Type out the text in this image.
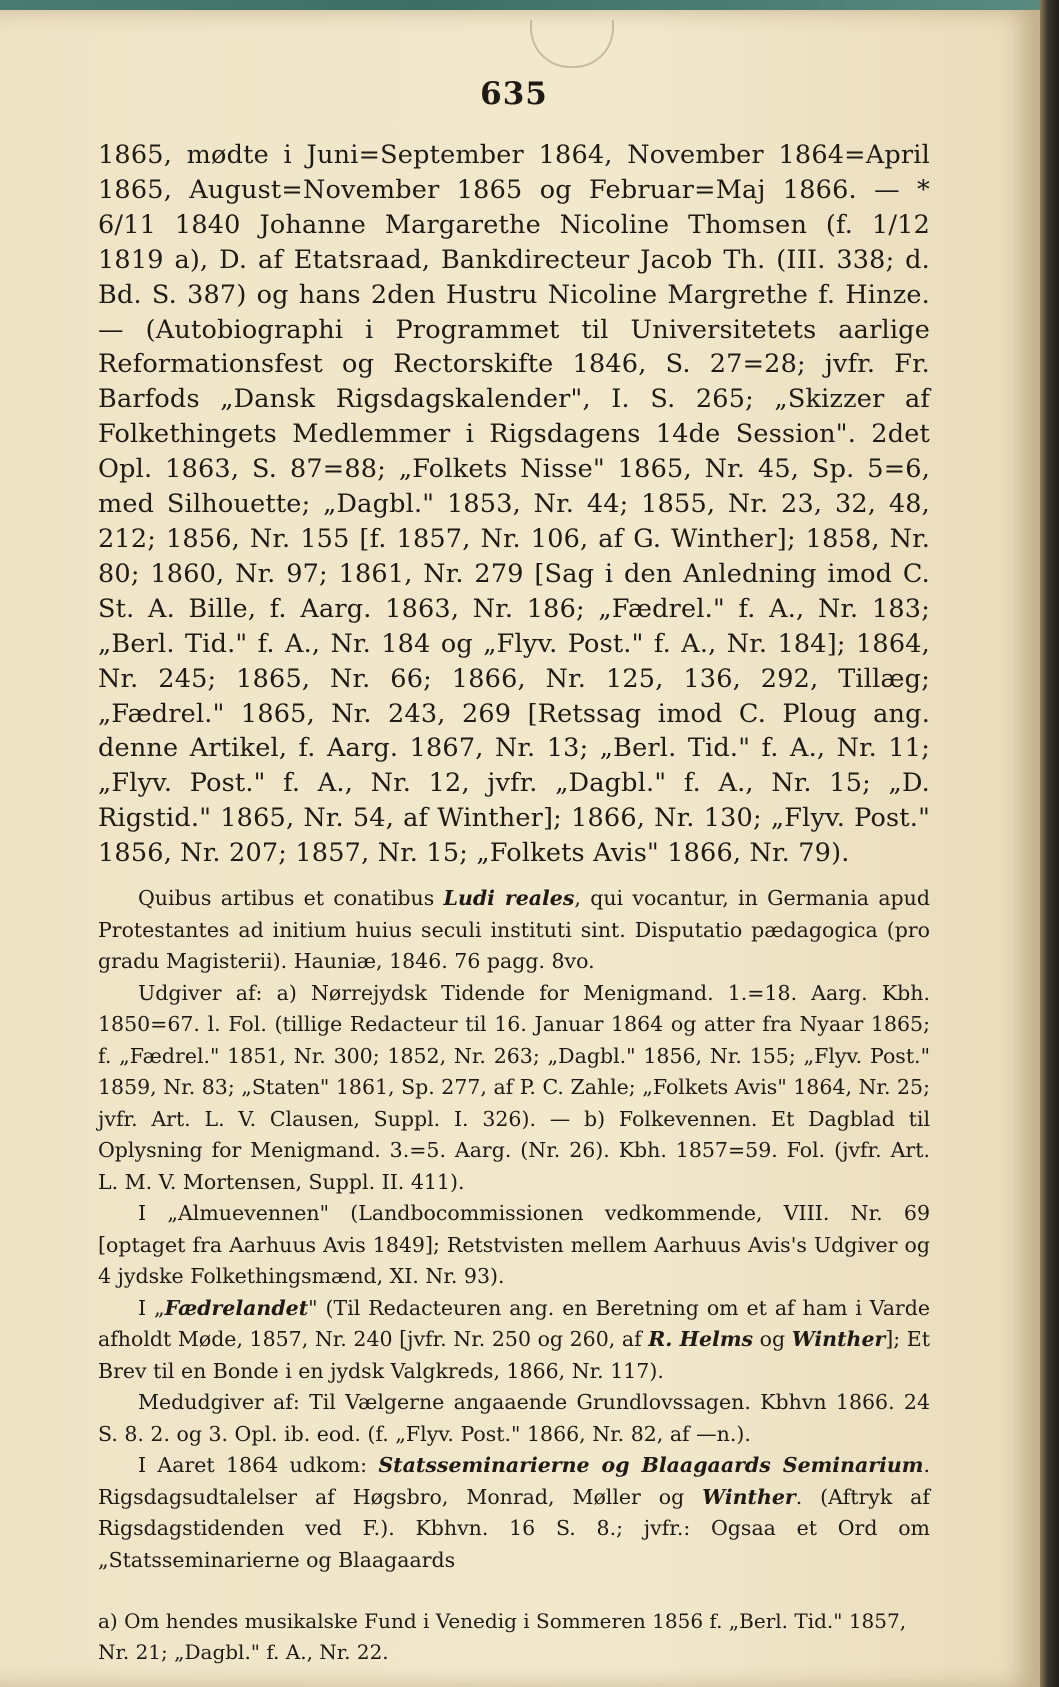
635

1865, mødte i Juni=September 1864, November 1864=April 1865, August=November 1865 og Februar=Maj 1866. — * 6/11 1840 Johanne Margarethe Nicoline Thomsen (f. 1/12 1819 a), D. af Etatsraad, Bankdirecteur Jacob Th. (III. 338; d. Bd. S. 387) og hans 2den Hustru Nicoline Margrethe f. Hinze. — (Autobiographi i Programmet til Universitetets aarlige Reformationsfest og Rectorskifte 1846, S. 27=28; jvfr. Fr. Barfods „Dansk Rigsdagskalender", I. S. 265; „Skizzer af Folkethingets Medlemmer i Rigsdagens 14de Session". 2det Opl. 1863, S. 87=88; „Folkets Nisse" 1865, Nr. 45, Sp. 5=6, med Silhouette; „Dagbl." 1853, Nr. 44; 1855, Nr. 23, 32, 48, 212; 1856, Nr. 155 [f. 1857, Nr. 106, af G. Winther]; 1858, Nr. 80; 1860, Nr. 97; 1861, Nr. 279 [Sag i den Anledning imod C. St. A. Bille, f. Aarg. 1863, Nr. 186; „Fædrel." f. A., Nr. 183; „Berl. Tid." f. A., Nr. 184 og „Flyv. Post." f. A., Nr. 184]; 1864, Nr. 245; 1865, Nr. 66; 1866, Nr. 125, 136, 292, Tillæg; „Fædrel." 1865, Nr. 243, 269 [Retssag imod C. Ploug ang. denne Artikel, f. Aarg. 1867, Nr. 13; „Berl. Tid." f. A., Nr. 11; „Flyv. Post." f. A., Nr. 12, jvfr. „Dagbl." f. A., Nr. 15; „D. Rigstid." 1865, Nr. 54, af Winther]; 1866, Nr. 130; „Flyv. Post." 1856, Nr. 207; 1857, Nr. 15; „Folkets Avis" 1866, Nr. 79).

Quibus artibus et conatibus Ludi reales, qui vocantur, in Germania apud Protestantes ad initium huius seculi instituti sint. Disputatio pædagogica (pro gradu Magisterii). Hauniæ, 1846. 76 pagg. 8vo.

Udgiver af: a) Nørrejydsk Tidende for Menigmand. 1.=18. Aarg. Kbh. 1850=67. l. Fol. (tillige Redacteur til 16. Januar 1864 og atter fra Nyaar 1865; f. „Fædrel." 1851, Nr. 300; 1852, Nr. 263; „Dagbl." 1856, Nr. 155; „Flyv. Post." 1859, Nr. 83; „Staten" 1861, Sp. 277, af P. C. Zahle; „Folkets Avis" 1864, Nr. 25; jvfr. Art. L. V. Clausen, Suppl. I. 326). — b) Folkevennen. Et Dagblad til Oplysning for Menigmand. 3.=5. Aarg. (Nr. 26). Kbh. 1857=59. Fol. (jvfr. Art. L. M. V. Mortensen, Suppl. II. 411).

I „Almuevennen" (Landbocommissionen vedkommende, VIII. Nr. 69 [optaget fra Aarhuus Avis 1849]; Retstvisten mellem Aarhuus Avis's Udgiver og 4 jydske Folkethingsmænd, XI. Nr. 93).

I „Fædrelandet" (Til Redacteuren ang. en Beretning om et af ham i Varde afholdt Møde, 1857, Nr. 240 [jvfr. Nr. 250 og 260, af R. Helms og Winther]; Et Brev til en Bonde i en jydsk Valgkreds, 1866, Nr. 117).

Medudgiver af: Til Vælgerne angaaende Grundlovssagen. Kbhvn 1866. 24 S. 8. 2. og 3. Opl. ib. eod. (f. „Flyv. Post." 1866, Nr. 82, af —n.).

I Aaret 1864 udkom: Statsseminarierne og Blaagaards Seminarium. Rigsdagsudtalelser af Høgsbro, Monrad, Møller og Winther. (Aftryk af Rigsdagstidenden ved F.). Kbhvn. 16 S. 8.; jvfr.: Ogsaa et Ord om „Statsseminarierne og Blaagaards

a) Om hendes musikalske Fund i Venedig i Sommeren 1856 f. „Berl. Tid." 1857, Nr. 21; „Dagbl." f. A., Nr. 22.
